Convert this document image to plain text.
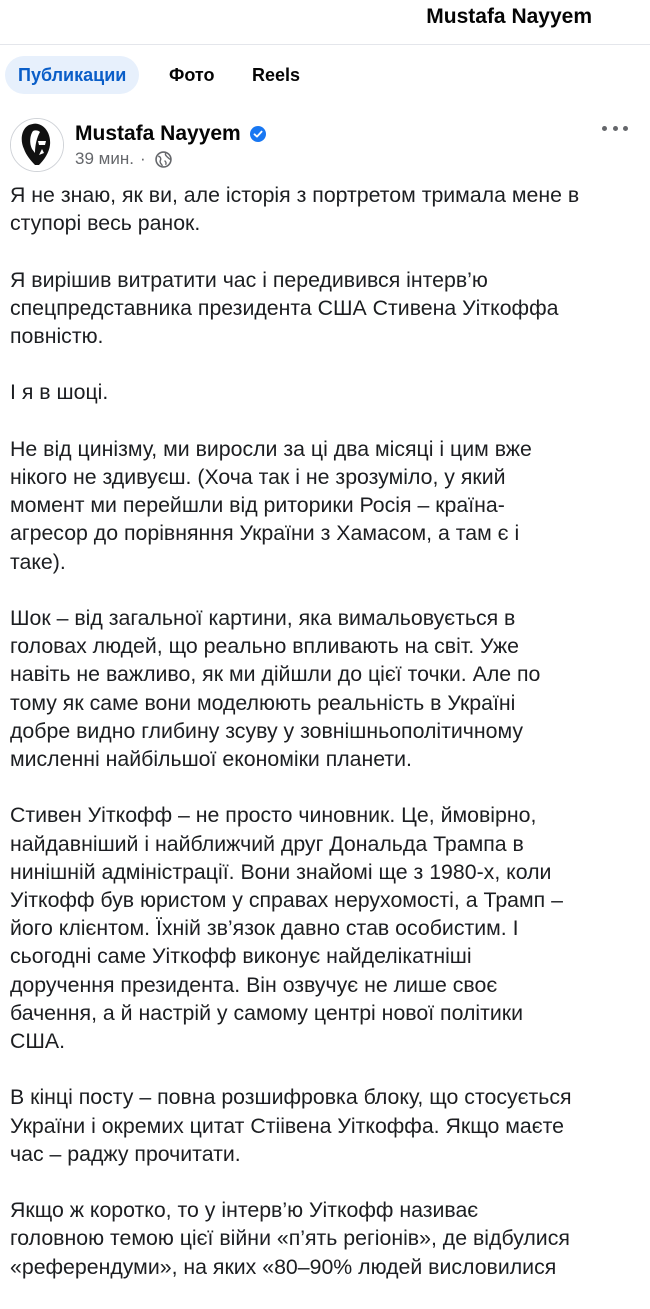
Mustafa Nayyem
Публикации	Фото	Reels
Mustafa Nayyem
39 мин. ·

Я не знаю, як ви, але історія з портретом тримала мене в
ступорі весь ранок.

Я вирішив витратити час і передивився інтерв’ю
спецпредставника президента США Стивена Уіткоффа
повністю.

І я в шоці.

Не від цинізму, ми виросли за ці два місяці і цим вже
нікого не здивуєш. (Хоча так і не зрозуміло, у який
момент ми перейшли від риторики Росія – країна-
агресор до порівняння України з Хамасом, а там є і
таке).

Шок – від загальної картини, яка вимальовується в
головах людей, що реально впливають на світ. Уже
навіть не важливо, як ми дійшли до цієї точки. Але по
тому як саме вони моделюють реальність в Україні
добре видно глибину зсуву у зовнішньополітичному
мисленні найбільшої економіки планети.

Стивен Уіткофф – не просто чиновник. Це, ймовірно,
найдавніший і найближчий друг Дональда Трампа в
нинішній адміністрації. Вони знайомі ще з 1980-х, коли
Уіткофф був юристом у справах нерухомості, а Трамп –
його клієнтом. Їхній зв’язок давно став особистим. І
сьогодні саме Уіткофф виконує найделікатніші
доручення президента. Він озвучує не лише своє
бачення, а й настрій у самому центрі нової політики
США.

В кінці посту – повна розшифровка блоку, що стосується
України і окремих цитат Стіівена Уіткоффа. Якщо маєте
час – раджу прочитати.

Якщо ж коротко, то у інтерв’ю Уіткофф називає
головною темою цієї війни «п’ять регіонів», де відбулися
«референдуми», на яких «80–90% людей висловилися
